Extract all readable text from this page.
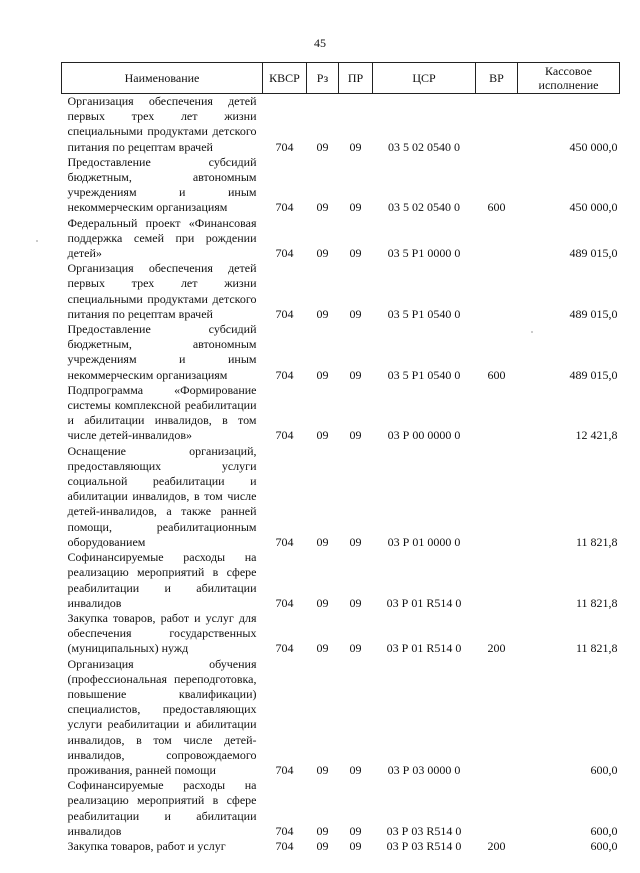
45
Наименование	КВСР	Рз	ПР	ЦСР	ВР	Кассовое исполнение
Организация обеспечения детей первых трех лет жизни специальными продуктами детского питания по рецептам врачей	704	09	09	03 5 02 0540 0		450 000,0
Предоставление субсидий бюджетным, автономным учреждениям и иным некоммерческим организациям	704	09	09	03 5 02 0540 0	600	450 000,0
Федеральный проект «Финансовая поддержка семей при рождении детей»	704	09	09	03 5 Р1 0000 0		489 015,0
Организация обеспечения детей первых трех лет жизни специальными продуктами детского питания по рецептам врачей	704	09	09	03 5 Р1 0540 0		489 015,0
Предоставление субсидий бюджетным, автономным учреждениям и иным некоммерческим организациям	704	09	09	03 5 Р1 0540 0	600	489 015,0
Подпрограмма «Формирование системы комплексной реабилитации и абилитации инвалидов, в том числе детей-инвалидов»	704	09	09	03 Р 00 0000 0		12 421,8
Оснащение организаций, предоставляющих услуги социальной реабилитации и абилитации инвалидов, в том числе детей-инвалидов, а также ранней помощи, реабилитационным оборудованием	704	09	09	03 Р 01 0000 0		11 821,8
Софинансируемые расходы на реализацию мероприятий в сфере реабилитации и абилитации инвалидов	704	09	09	03 Р 01 R514 0		11 821,8
Закупка товаров, работ и услуг для обеспечения государственных (муниципальных) нужд	704	09	09	03 Р 01 R514 0	200	11 821,8
Организация обучения (профессиональная переподготовка, повышение квалификации) специалистов, предоставляющих услуги реабилитации и абилитации инвалидов, в том числе детей-инвалидов, сопровождаемого проживания, ранней помощи	704	09	09	03 Р 03 0000 0		600,0
Софинансируемые расходы на реализацию мероприятий в сфере реабилитации и абилитации инвалидов	704	09	09	03 Р 03 R514 0		600,0
Закупка товаров, работ и услуг	704	09	09	03 Р 03 R514 0	200	600,0
